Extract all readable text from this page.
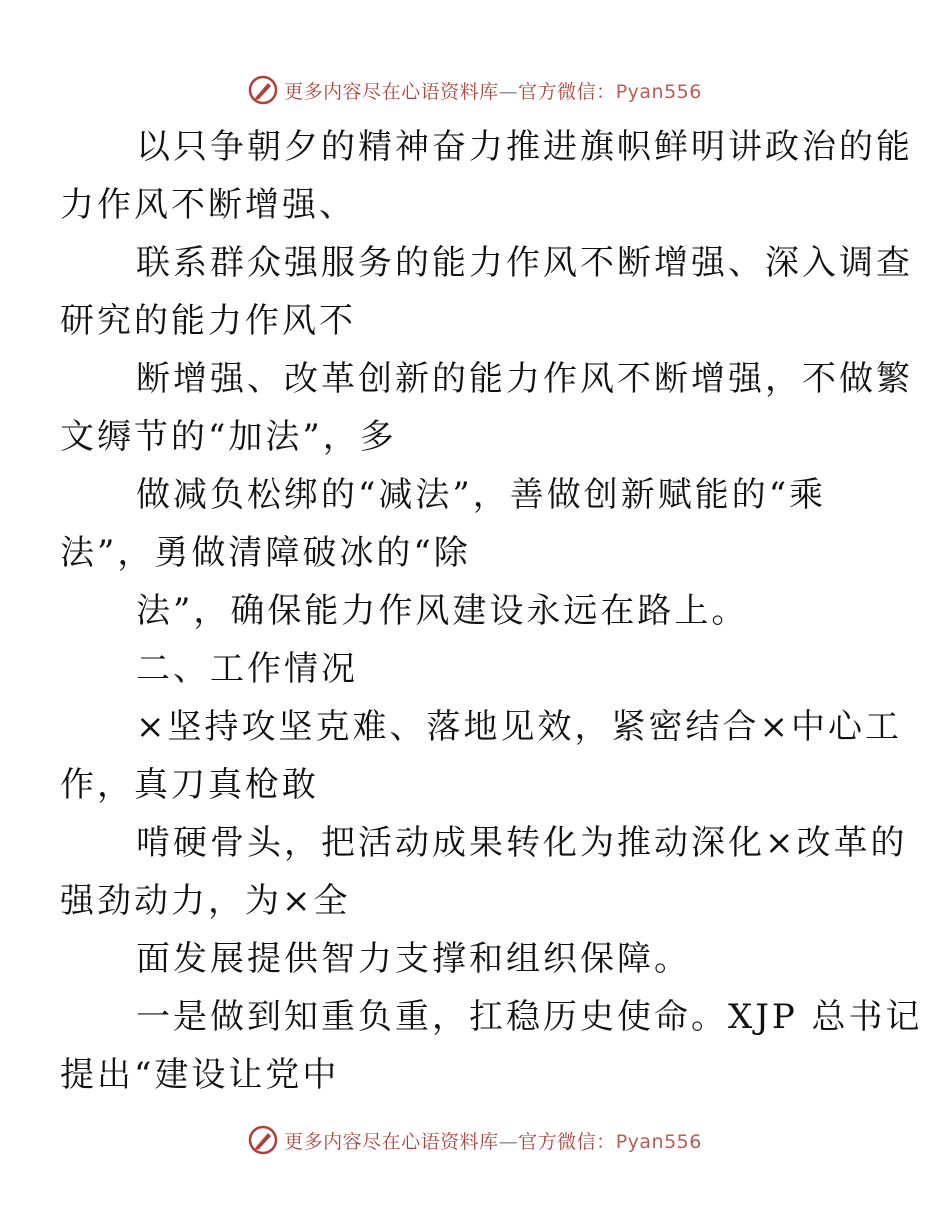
更多内容尽在心语资料库—官方微信：Pyan556

以只争朝夕的精神奋力推进旗帜鲜明讲政治的能
力作风不断增强、

联系群众强服务的能力作风不断增强、深入调查
研究的能力作风不

断增强、改革创新的能力作风不断增强，不做繁
文缛节的“加法”，多

做减负松绑的“减法”，善做创新赋能的“乘
法”，勇做清障破冰的“除

法”，确保能力作风建设永远在路上。

二、工作情况

×坚持攻坚克难、落地见效，紧密结合×中心工
作，真刀真枪敢

啃硬骨头，把活动成果转化为推动深化×改革的
强劲动力，为×全

面发展提供智力支撑和组织保障。

一是做到知重负重，扛稳历史使命。XJP 总书记
提出“建设让党中

更多内容尽在心语资料库—官方微信：Pyan556
